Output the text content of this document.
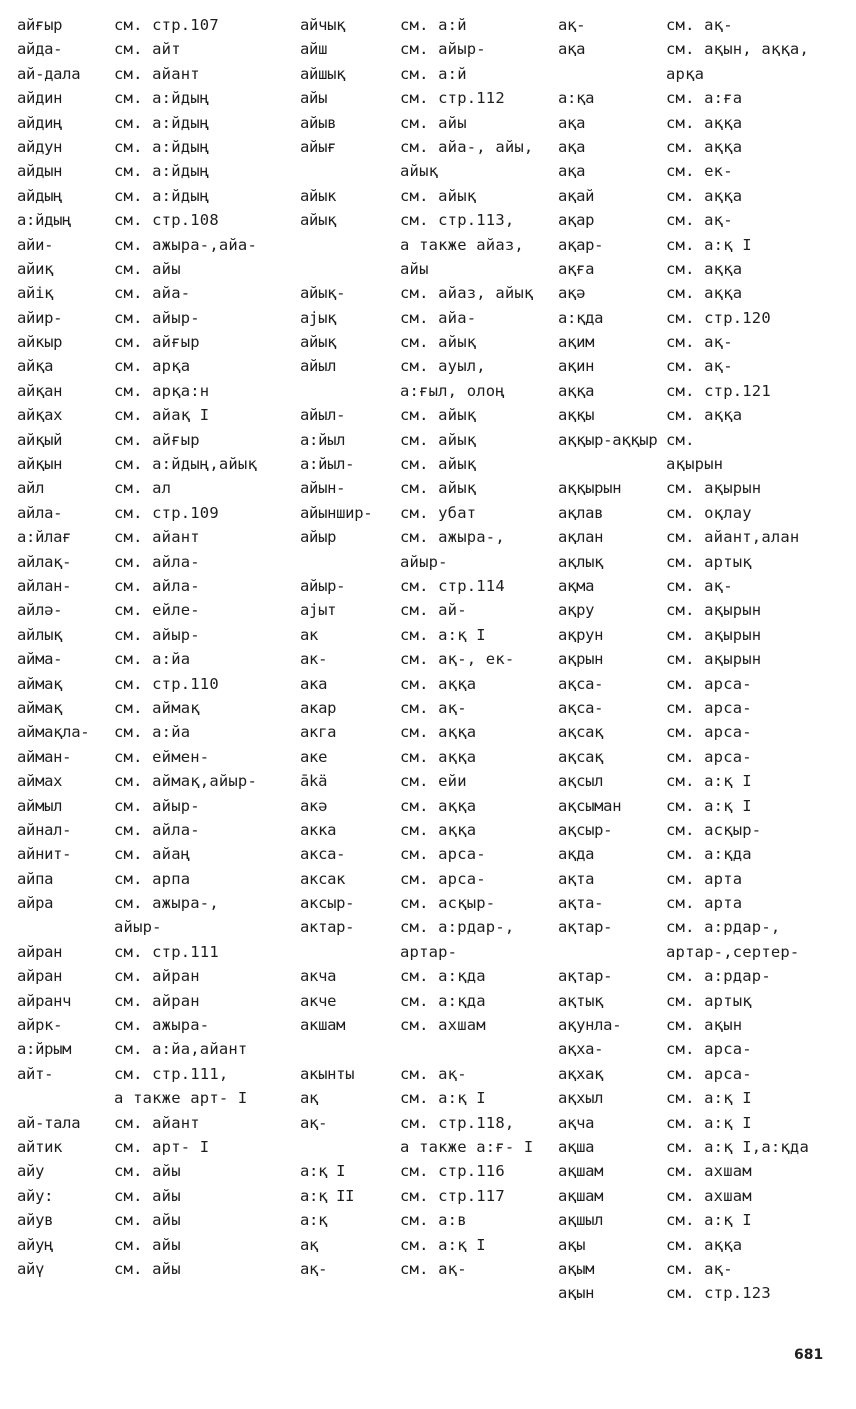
айғыр	см. стр.107
айда-	см. айт
ай-дала см. айант
айдин	см. а:йдың
айдиң	см. а:йдың
айдун	см. а:йдың
айдын	см. а:йдың
айдың	см. а:йдың
а:йдың	см. стр.108
айи-	см. ажыра-,айа-
айиқ	см. айы
айіқ	см. айа-
айир-	см. айыр-
айкыр	см. айғыр
айқа	см. арқа
айқан	см. арқа:н
айқах	см. айақ I
айқый	см. айғыр
айқын	см. а:йдың,айық
айл	см. ал
айла-	см. стр.109
а:йлағ	см. айант
айлақ-	см. айла-
айлан-	см. айла-
айлә-	см. ейле-
айлық	см. айыр-
айма-	см. а:йа
аймақ	см. стр.110
аймақ	см. аймақ
аймақла- см. а:йа
айман-	см. еймен-
аймах	см. аймақ,айыр-
аймыл	см. айыр-
айнал-	см. айла-
айнит-	см. айаң
айпа	см. арпа
айра	см. ажыра-,
айыр-
айран	см. стр.111
айран	см. айран
айранч	см. айран
айрк-	см. ажыра-
а:йрым	см. а:йа,айант
айт-	см. стр.111,
а также арт- I
ай-тала см. айант
айтик	см. арт- I
айу	см. айы
айу:	см. айы
айув	см. айы
айуң	см. айы
айү	см. айы
айчық	см. а:й
айш	см. айыр-
айшық	см. а:й
айы	см. стр.112
айыв	см. айы
айығ	см. айа-, айы,
айық
айык	см. айық
айық	см. стр.113,
а также айаз,
айы
айық-	см. айаз, айық
ајық	см. айа-
айық	см. айық
айыл	см. ауыл,
а:ғыл, олоң
айыл-	см. айық
а:йыл	см. айық
а:йыл-	см. айық
айын-	см. айық
айыншир- см. убат
айыр	см. ажыра-,
айыр-
айыр-	см. стр.114
ајыт	см. ай-
ак	см. а:қ I
ак-	см. ақ-, ек-
ака	см. аққа
акар	см. ақ-
акга	см. аққа
аке	см. аққа
ākä	см. ейи
акә	см. аққа
акка	см. аққа
акса-	см. арса-
аксак	см. арса-
аксыр-	см. асқыр-
актар-	см. а:рдар-,
артар-
акча	см. а:қда
акче	см. а:қда
акшам	см. ахшам
акынты	см. ақ-
ақ	см. а:қ I
ақ-	см. стр.118,
а также а:ғ- I
а:қ I	см. стр.116
а:қ II	см. стр.117
а:қ	см. а:в
ақ	см. а:қ I
ақ-	см. ақ-
ақ-	см. ақ-
ақа	см. ақын, аққа,
арқа
а:қа	см. а:ға
ақа	см. аққа
ақа	см. аққа
ақа	см. ек-
ақай	см. аққа
ақар	см. ақ-
ақар-	см. а:қ I
ақға	см. аққа
ақә	см. аққа
а:қда	см. стр.120
ақим	см. ақ-
ақин	см. ақ-
аққа	см. стр.121
аққы	см. аққа
аққыр-аққыр см.
ақырын
аққырын	см. ақырын
ақлав	см. оқлау
ақлан	см. айант,алан
ақлық	см. артық
ақма	см. ақ-
ақру	см. ақырын
ақрун	см. ақырын
ақрын	см. ақырын
ақса-	см. арса-
ақса-	см. арса-
ақсақ	см. арса-
ақсақ	см. арса-
ақсыл	см. а:қ I
ақсыман	см. а:қ I
ақсыр-	см. асқыр-
ақда	см. а:қда
ақта	см. арта
ақта-	см. арта
ақтар-	см. а:рдар-,
артар-,сертер-
ақтар-	см. а:рдар-
ақтық	см. артық
ақунла-	см. ақын
ақха-	см. арса-
ақхақ	см. арса-
ақхыл	см. а:қ I
ақча	см. а:қ I
ақша	см. а:қ I,а:қда
ақшам	см. ахшам
ақшам	см. ахшам
ақшыл	см. а:қ I
ақы	см. аққа
ақым	см. ақ-
ақын	см. стр.123
681
